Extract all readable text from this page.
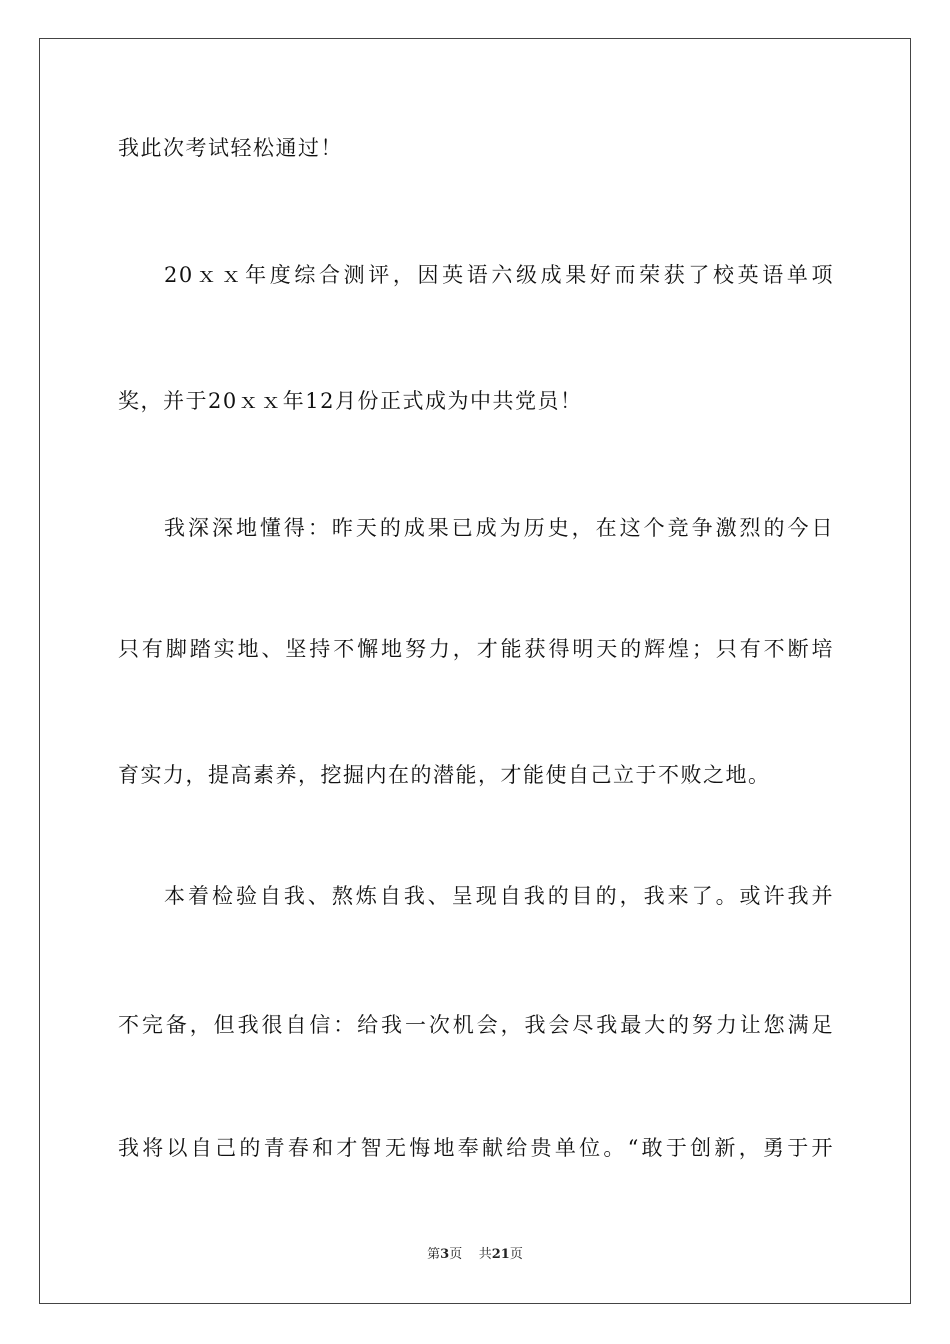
我此次考试轻松通过！
20ｘｘ年度综合测评，因英语六级成果好而荣获了校英语单项
奖，并于20ｘｘ年12月份正式成为中共党员！
我深深地懂得：昨天的成果已成为历史，在这个竞争激烈的今日
只有脚踏实地、坚持不懈地努力，才能获得明天的辉煌；只有不断培
育实力，提高素养，挖掘内在的潜能，才能使自己立于不败之地。
本着检验自我、熬炼自我、呈现自我的目的，我来了。或许我并
不完备，但我很自信：给我一次机会，我会尽我最大的努力让您满足
我将以自己的青春和才智无悔地奉献给贵单位。“敢于创新，勇于开
第3页 共21页
